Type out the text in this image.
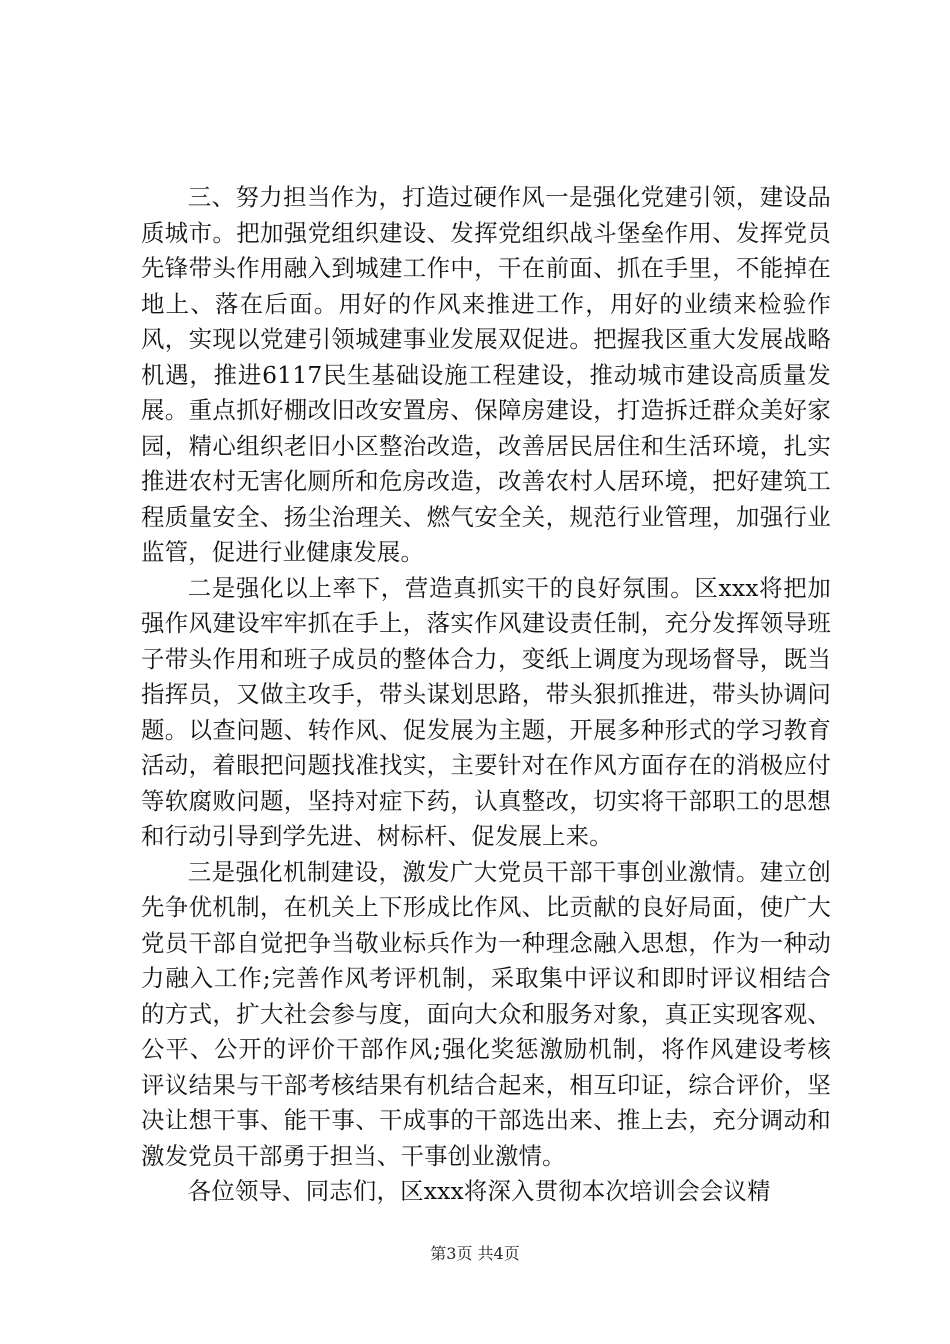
三、努力担当作为，打造过硬作风一是强化党建引领，建设品质城市。把加强党组织建设、发挥党组织战斗堡垒作用、发挥党员先锋带头作用融入到城建工作中，干在前面、抓在手里，不能掉在地上、落在后面。用好的作风来推进工作，用好的业绩来检验作风，实现以党建引领城建事业发展双促进。把握我区重大发展战略机遇，推进6117民生基础设施工程建设，推动城市建设高质量发展。重点抓好棚改旧改安置房、保障房建设，打造拆迁群众美好家园，精心组织老旧小区整治改造，改善居民居住和生活环境，扎实推进农村无害化厕所和危房改造，改善农村人居环境，把好建筑工程质量安全、扬尘治理关、燃气安全关，规范行业管理，加强行业监管，促进行业健康发展。

二是强化以上率下，营造真抓实干的良好氛围。区xxx将把加强作风建设牢牢抓在手上，落实作风建设责任制，充分发挥领导班子带头作用和班子成员的整体合力，变纸上调度为现场督导，既当指挥员，又做主攻手，带头谋划思路，带头狠抓推进，带头协调问题。以查问题、转作风、促发展为主题，开展多种形式的学习教育活动，着眼把问题找准找实，主要针对在作风方面存在的消极应付等软腐败问题，坚持对症下药，认真整改，切实将干部职工的思想和行动引导到学先进、树标杆、促发展上来。

三是强化机制建设，激发广大党员干部干事创业激情。建立创先争优机制，在机关上下形成比作风、比贡献的良好局面，使广大党员干部自觉把争当敬业标兵作为一种理念融入思想，作为一种动力融入工作;完善作风考评机制，采取集中评议和即时评议相结合的方式，扩大社会参与度，面向大众和服务对象，真正实现客观、公平、公开的评价干部作风;强化奖惩激励机制，将作风建设考核评议结果与干部考核结果有机结合起来，相互印证，综合评价，坚决让想干事、能干事、干成事的干部选出来、推上去，充分调动和激发党员干部勇于担当、干事创业激情。

各位领导、同志们，区xxx将深入贯彻本次培训会会议精

第3页 共4页
